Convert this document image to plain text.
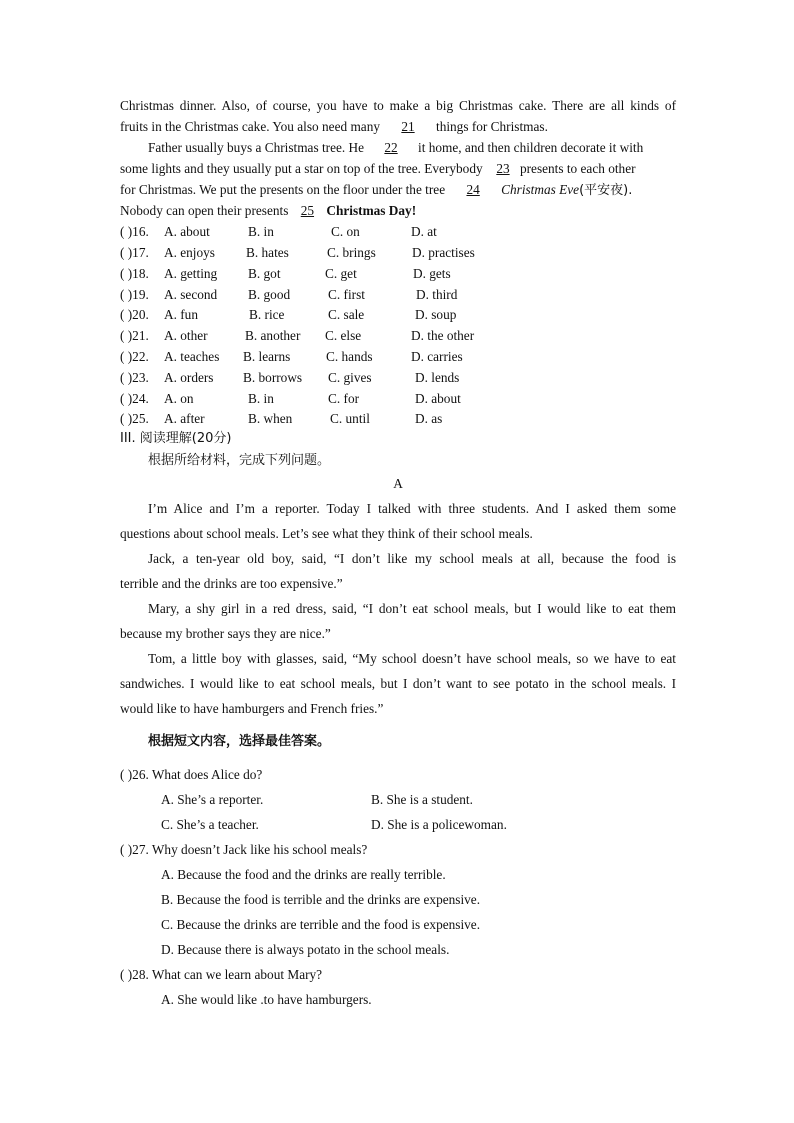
Christmas dinner. Also, of course, you have to make a big Christmas cake. There are all kinds of
fruits in the Christmas cake. You also need many 21 things for Christmas.
Father usually buys a Christmas tree. He 22 it home, and then children decorate it with
some lights and they usually put a star on top of the tree. Everybody 23 presents to each other
for Christmas. We put the presents on the floor under the tree 24 Christmas Eve(平安夜).
Nobody can open their presents 25 Christmas Day!
( )16. A. about	B. in	C. on	D. at
( )17. A. enjoys B. hates	C. brings	D. practises
( )18. A. getting B. got	C. get	D. gets
( )19. A. second B. good	C. first	D. third
( )20. A. fun	B. rice	C. sale	D. soup
( )21. A. other	B. another C. else	D. the other
( )22. A. teaches B. learns	C. hands	D. carries
( )23. A. orders B. borrows C. gives	D. lends
( )24. A. on	B. in	C. for	D. about
( )25. A. after	B. when	C. until	D. as
III. 阅读理解(20分)
根据所给材料，完成下列问题。
A
I’m Alice and I’m a reporter. Today I talked with three students. And I asked them some
questions about school meals. Let’s see what they think of their school meals.
Jack, a ten-year old boy, said, “I don’t like my school meals at all, because the food is
terrible and the drinks are too expensive.”
Mary, a shy girl in a red dress, said, “I don’t eat school meals, but I would like to eat them
because my brother says they are nice.”
Tom, a little boy with glasses, said, “My school doesn’t have school meals, so we have to eat
sandwiches. I would like to eat school meals, but I don’t want to see potato in the school meals. I
would like to have hamburgers and French fries.”
根据短文内容，选择最佳答案。
( )26. What does Alice do?
A. She’s a reporter.	B. She is a student.
C. She’s a teacher.	D. She is a policewoman.
( )27. Why doesn’t Jack like his school meals?
A. Because the food and the drinks are really terrible.
B. Because the food is terrible and the drinks are expensive.
C. Because the drinks are terrible and the food is expensive.
D. Because there is always potato in the school meals.
( )28. What can we learn about Mary?
A. She would like .to have hamburgers.
